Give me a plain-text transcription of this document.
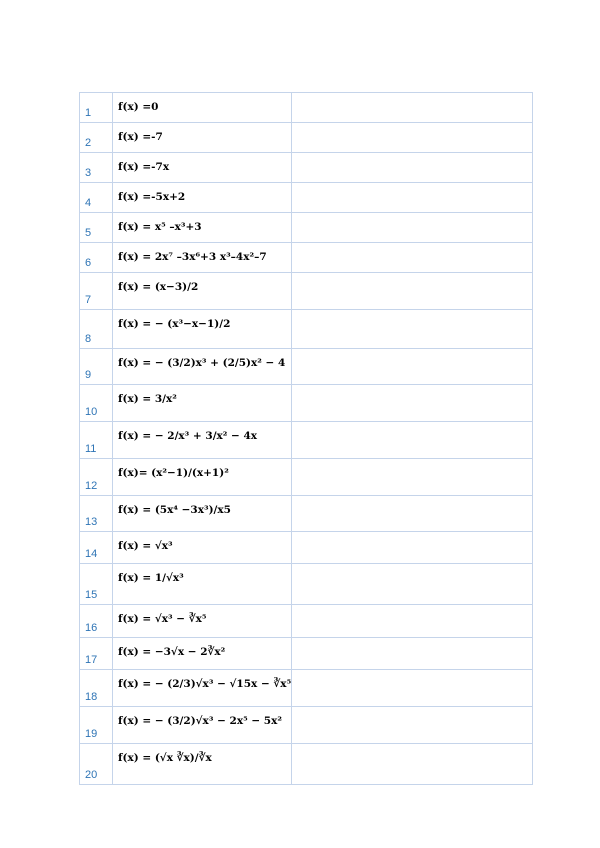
1	f(x) =0	

2	f(x) =-7	

3	f(x) =-7x	

4	f(x) =-5x+2	

5	f(x) = x⁵ –x³+3	

6	f(x) = 2x⁷ –3x⁶+3 x³–4x²–7	

7	f(x) = (x−3)/2	

8	f(x) = − (x³−x−1)/2	

9	f(x) = − (3/2)x³ + (2/5)x² − 4	

10	f(x) = 3/x²	

11	f(x) = − 2/x³ + 3/x² − 4x	

12	f(x)= (x²−1)/(x+1)²	

13	f(x) = (5x⁴ −3x³)/x5	

14	f(x) = √x³	

15	f(x) = 1/√x³	

16	f(x) = √x³ − ∛x⁵	

17	f(x) = −3√x − 2∛x²	

18	f(x) = − (2/3)√x³ − √15x − ∛x⁵	

19	f(x) = − (3/2)√x³ − 2x⁵ − 5x²	

20	f(x) = (√x ∛x)/∛x	
